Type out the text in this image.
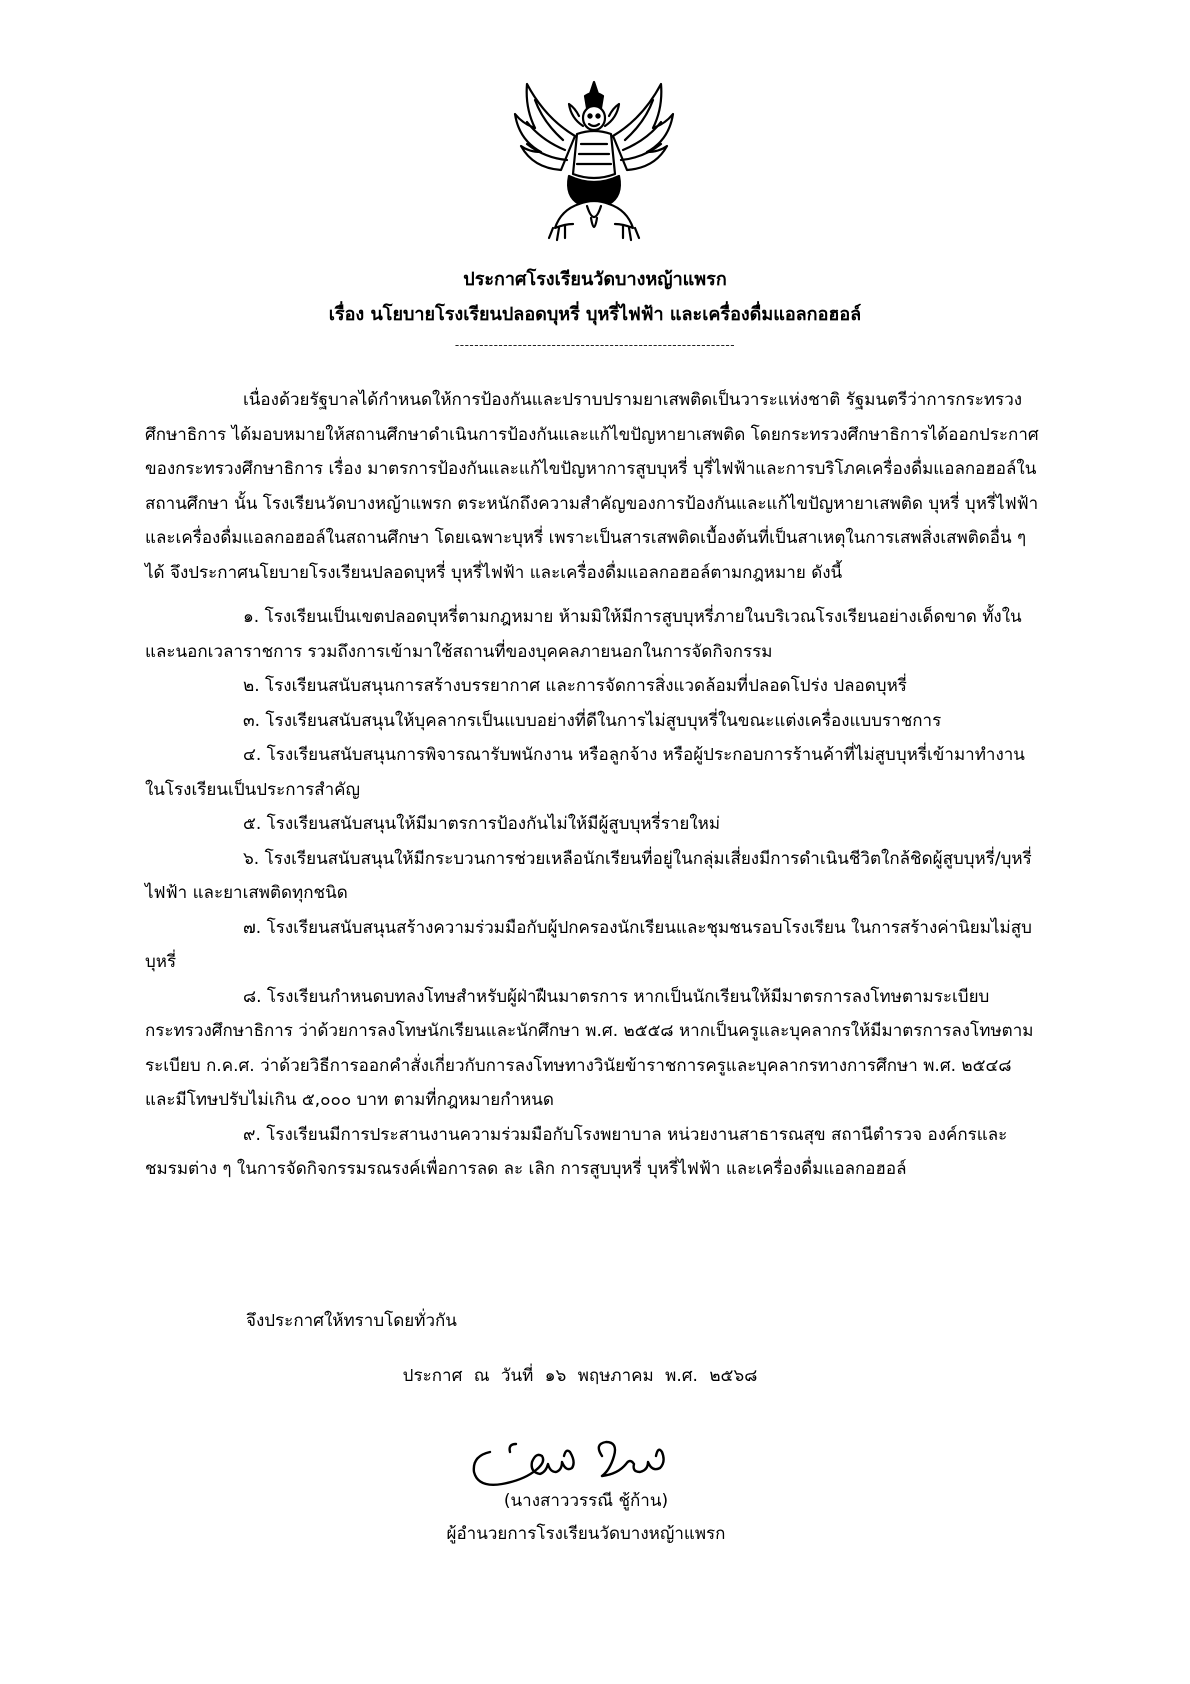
ประกาศโรงเรียนวัดบางหญ้าแพรก
เรื่อง นโยบายโรงเรียนปลอดบุหรี่ บุหรี่ไฟฟ้า และเครื่องดื่มแอลกอฮอล์
----------------------------------------------------------

เนื่องด้วยรัฐบาลได้กำหนดให้การป้องกันและปราบปรามยาเสพติดเป็นวาระแห่งชาติ รัฐมนตรีว่าการกระทรวงศึกษาธิการ ได้มอบหมายให้สถานศึกษาดำเนินการป้องกันและแก้ไขปัญหายาเสพติด โดยกระทรวงศึกษาธิการได้ออกประกาศของกระทรวงศึกษาธิการ เรื่อง มาตรการป้องกันและแก้ไขปัญหาการสูบบุหรี่ บุรี่ไฟฟ้าและการบริโภคเครื่องดื่มแอลกอฮอล์ในสถานศึกษา นั้น โรงเรียนวัดบางหญ้าแพรก ตระหนักถึงความสำคัญของการป้องกันและแก้ไขปัญหายาเสพติด บุหรี่ บุหรี่ไฟฟ้าและเครื่องดื่มแอลกอฮอล์ในสถานศึกษา โดยเฉพาะบุหรี่ เพราะเป็นสารเสพติดเบื้องต้นที่เป็นสาเหตุในการเสพสิ่งเสพติดอื่น ๆ ได้ จึงประกาศนโยบายโรงเรียนปลอดบุหรี่ บุหรี่ไฟฟ้า และเครื่องดื่มแอลกอฮอล์ตามกฎหมาย ดังนี้

๑. โรงเรียนเป็นเขตปลอดบุหรี่ตามกฎหมาย ห้ามมิให้มีการสูบบุหรี่ภายในบริเวณโรงเรียนอย่างเด็ดขาด ทั้งในและนอกเวลาราชการ รวมถึงการเข้ามาใช้สถานที่ของบุคคลภายนอกในการจัดกิจกรรม

๒. โรงเรียนสนับสนุนการสร้างบรรยากาศ และการจัดการสิ่งแวดล้อมที่ปลอดโปร่ง ปลอดบุหรี่

๓. โรงเรียนสนับสนุนให้บุคลากรเป็นแบบอย่างที่ดีในการไม่สูบบุหรี่ในขณะแต่งเครื่องแบบราชการ

๔. โรงเรียนสนับสนุนการพิจารณารับพนักงาน หรือลูกจ้าง หรือผู้ประกอบการร้านค้าที่ไม่สูบบุหรี่เข้ามาทำงานในโรงเรียนเป็นประการสำคัญ

๕. โรงเรียนสนับสนุนให้มีมาตรการป้องกันไม่ให้มีผู้สูบบุหรี่รายใหม่

๖. โรงเรียนสนับสนุนให้มีกระบวนการช่วยเหลือนักเรียนที่อยู่ในกลุ่มเสี่ยงมีการดำเนินชีวิตใกล้ชิดผู้สูบบุหรี่/บุหรี่ไฟฟ้า และยาเสพติดทุกชนิด

๗. โรงเรียนสนับสนุนสร้างความร่วมมือกับผู้ปกครองนักเรียนและชุมชนรอบโรงเรียน ในการสร้างค่านิยมไม่สูบบุหรี่

๘. โรงเรียนกำหนดบทลงโทษสำหรับผู้ฝ่าฝืนมาตรการ หากเป็นนักเรียนให้มีมาตรการลงโทษตามระเบียบกระทรวงศึกษาธิการ ว่าด้วยการลงโทษนักเรียนและนักศึกษา พ.ศ. ๒๕๕๘ หากเป็นครูและบุคลากรให้มีมาตรการลงโทษตามระเบียบ ก.ค.ศ. ว่าด้วยวิธีการออกคำสั่งเกี่ยวกับการลงโทษทางวินัยข้าราชการครูและบุคลากรทางการศึกษา พ.ศ. ๒๕๔๘ และมีโทษปรับไม่เกิน ๕,๐๐๐ บาท ตามที่กฎหมายกำหนด

๙. โรงเรียนมีการประสานงานความร่วมมือกับโรงพยาบาล หน่วยงานสาธารณสุข สถานีตำรวจ องค์กรและชมรมต่าง ๆ ในการจัดกิจกรรมรณรงค์เพื่อการลด ละ เลิก การสูบบุหรี่ บุหรี่ไฟฟ้า และเครื่องดื่มแอลกอฮอล์

จึงประกาศให้ทราบโดยทั่วกัน
ประกาศ ณ วันที่ ๑๖ พฤษภาคม พ.ศ. ๒๕๖๘
(นางสาววรรณี ชู้ก้าน)
ผู้อำนวยการโรงเรียนวัดบางหญ้าแพรก
